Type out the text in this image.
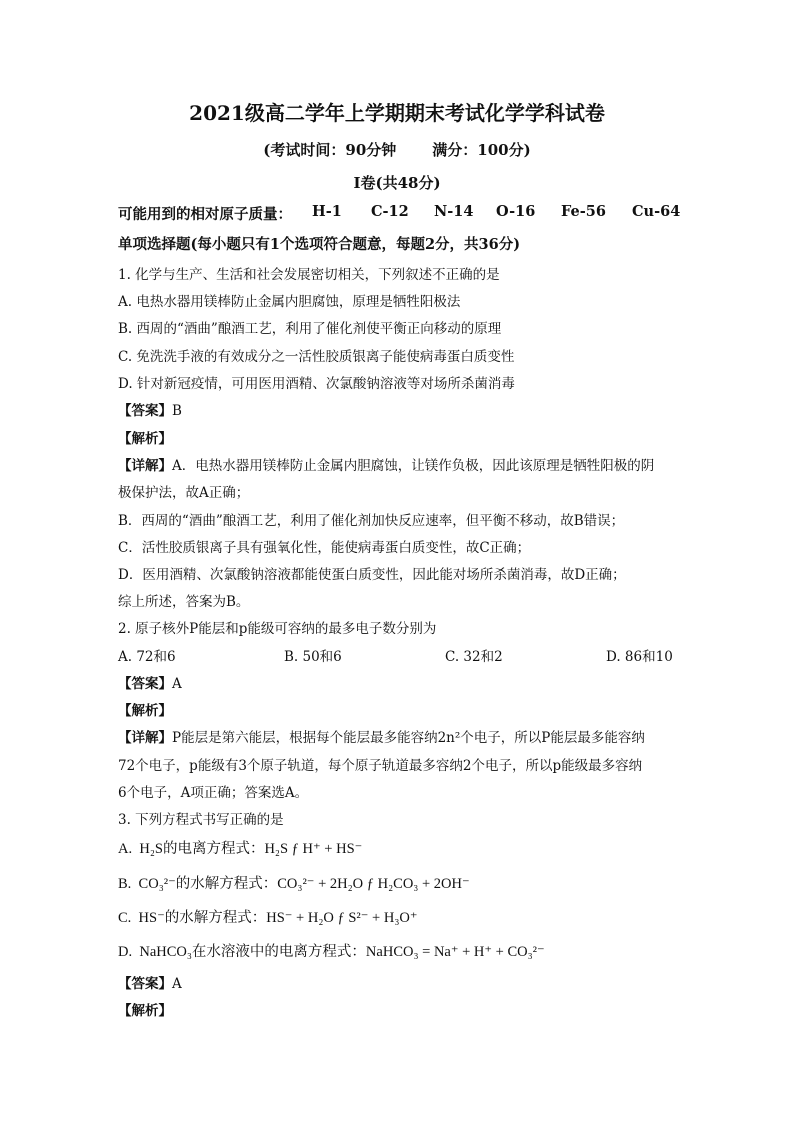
2021级高二学年上学期期末考试化学学科试卷
(考试时间：90分钟 满分：100分)
I卷(共48分)
可能用到的相对原子质量： H-1 C-12 N-14 O-16 Fe-56 Cu-64
单项选择题(每小题只有1个选项符合题意，每题2分，共36分)
1. 化学与生产、生活和社会发展密切相关，下列叙述不正确的是
A. 电热水器用镁棒防止金属内胆腐蚀，原理是牺牲阳极法
B. 西周的“酒曲”酿酒工艺，利用了催化剂使平衡正向移动的原理
C. 免洗洗手液的有效成分之一活性胶质银离子能使病毒蛋白质变性
D. 针对新冠疫情，可用医用酒精、次氯酸钠溶液等对场所杀菌消毒
【答案】B
【解析】
【详解】A．电热水器用镁棒防止金属内胆腐蚀，让镁作负极，因此该原理是牺牲阳极的阴
极保护法，故A正确；
B．西周的“酒曲”酿酒工艺，利用了催化剂加快反应速率，但平衡不移动，故B错误；
C．活性胶质银离子具有强氧化性，能使病毒蛋白质变性，故C正确；
D．医用酒精、次氯酸钠溶液都能使蛋白质变性，因此能对场所杀菌消毒，故D正确；
综上所述，答案为B。
2. 原子核外P能层和p能级可容纳的最多电子数分别为
A. 72和6	B. 50和6	C. 32和2	D. 86和10
【答案】A
【解析】
【详解】P能层是第六能层，根据每个能层最多能容纳2n²个电子，所以P能层最多能容纳
72个电子，p能级有3个原子轨道，每个原子轨道最多容纳2个电子，所以p能级最多容纳
6个电子，A项正确；答案选A。
3. 下列方程式书写正确的是
A. H₂S的电离方程式：H₂S ƒ H⁺ + HS⁻
B. CO₃²⁻的水解方程式：CO₃²⁻ + 2H₂O ƒ H₂CO₃ + 2OH⁻
C. HS⁻的水解方程式：HS⁻ + H₂O ƒ S²⁻ + H₃O⁺
D. NaHCO₃在水溶液中的电离方程式：NaHCO₃ = Na⁺ + H⁺ + CO₃²⁻
【答案】A
【解析】
